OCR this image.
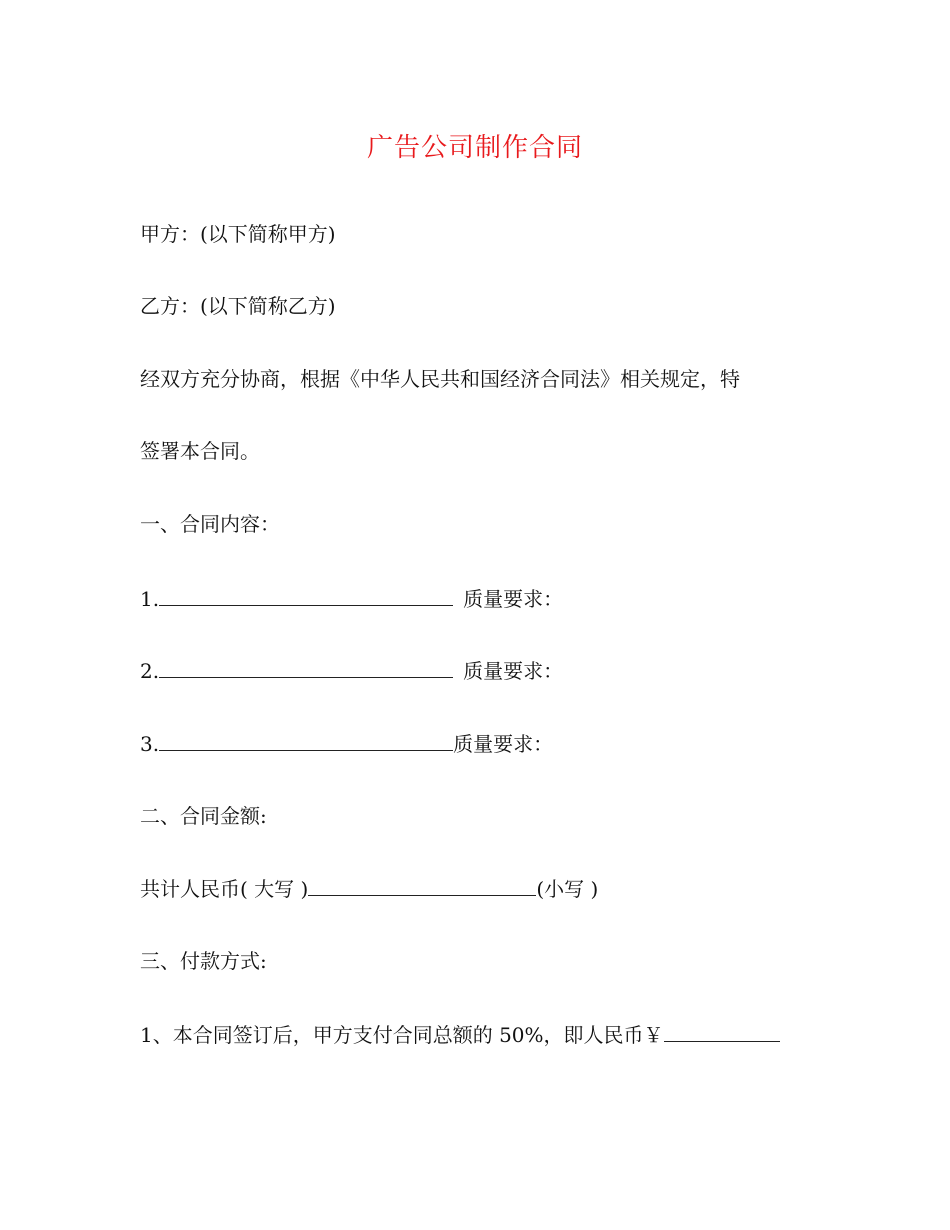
广告公司制作合同
甲方：(以下简称甲方)
乙方：(以下简称乙方)
经双方充分协商，根据《中华人民共和国经济合同法》相关规定，特
签署本合同。
一、合同内容：
1.	质量要求：
2.	质量要求：
3.	质量要求：
二、合同金额:
共计人民币( 大写 )	(小写 )
三、付款方式:
1、本合同签订后，甲方支付合同总额的 50%，即人民币￥
